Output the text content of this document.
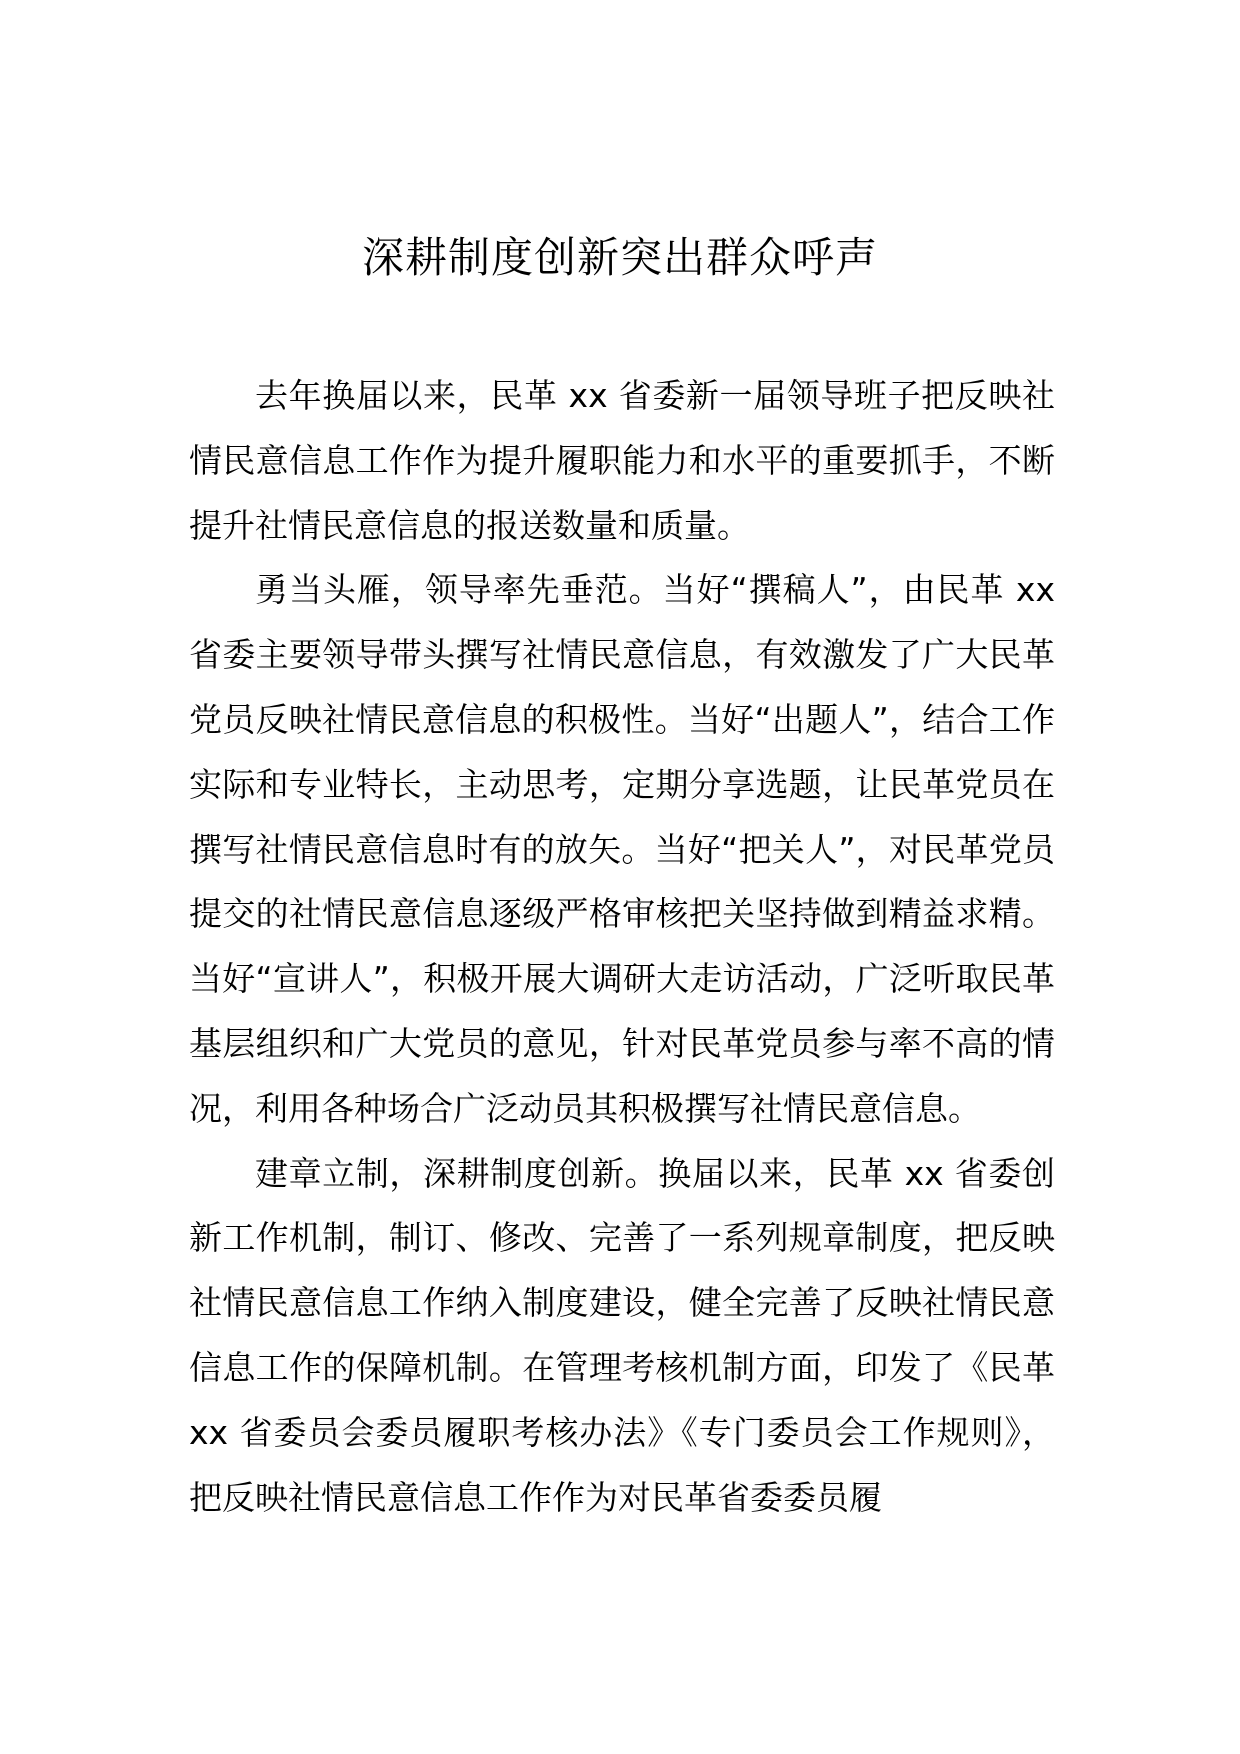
深耕制度创新突出群众呼声

去年换届以来，民革 xx 省委新一届领导班子把反映社情民意信息工作作为提升履职能力和水平的重要抓手，不断提升社情民意信息的报送数量和质量。

勇当头雁，领导率先垂范。当好“撰稿人”，由民革 xx 省委主要领导带头撰写社情民意信息，有效激发了广大民革党员反映社情民意信息的积极性。当好“出题人”，结合工作实际和专业特长，主动思考，定期分享选题，让民革党员在撰写社情民意信息时有的放矢。当好“把关人”，对民革党员提交的社情民意信息逐级严格审核把关坚持做到精益求精。当好“宣讲人”，积极开展大调研大走访活动，广泛听取民革基层组织和广大党员的意见，针对民革党员参与率不高的情况，利用各种场合广泛动员其积极撰写社情民意信息。

建章立制，深耕制度创新。换届以来，民革 xx 省委创新工作机制，制订、修改、完善了一系列规章制度，把反映社情民意信息工作纳入制度建设，健全完善了反映社情民意信息工作的保障机制。在管理考核机制方面，印发了《民革 xx 省委员会委员履职考核办法》《专门委员会工作规则》，把反映社情民意信息工作作为对民革省委委员履
